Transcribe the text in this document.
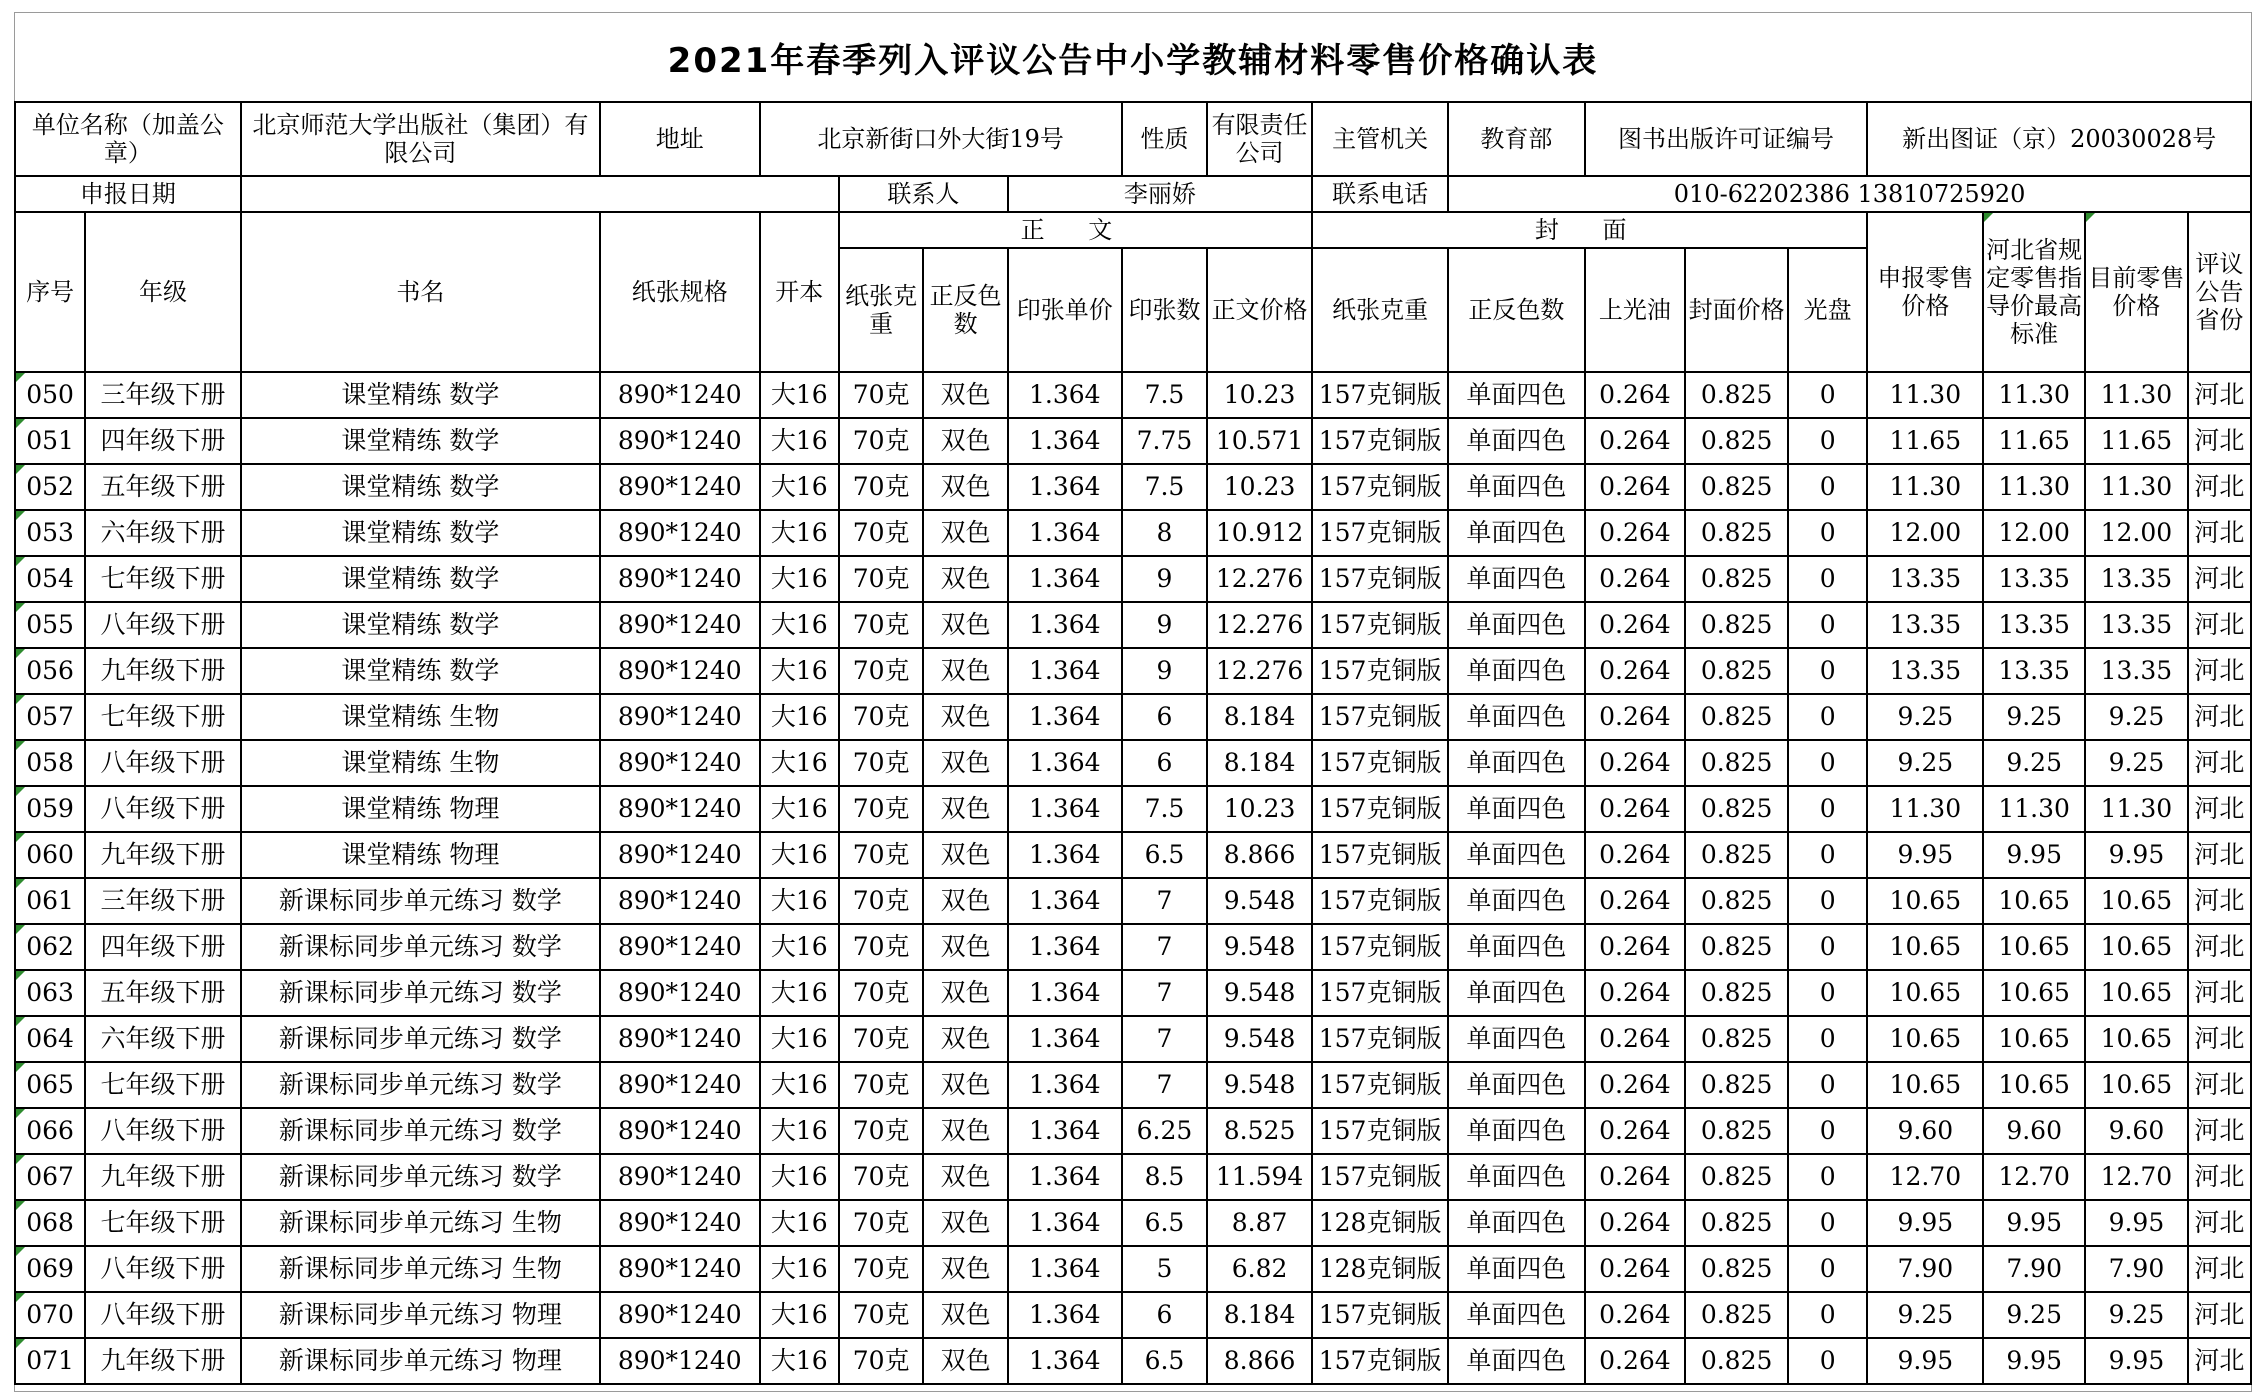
2021年春季列入评议公告中小学教辅材料零售价格确认表
单位名称（加盖公章）		北京师范大学出版社（集团）有限公司	地址	北京新街口外大街19号				性质	有限责任公司	主管机关	教育部	图书出版许可证编号			新出图证（京）20030028号			
申报日期					联系人		李丽娇			联系电话	010-62202386 13810725920							
序号	年级	书名	纸张规格	开本	正 文					封 面					申报零售价格	河北省规定零售指导价最高标准	目前零售价格	评议公告省份
					纸张克重	正反色数	印张单价	印张数	正文价格	纸张克重	正反色数	上光油	封面价格	光盘				
050	三年级下册	课堂精练 数学	890*1240	大16	70克	双色	1.364	7.5	10.23	157克铜版	单面四色	0.264	0.825	0	11.30	11.30	11.30	河北
051	四年级下册	课堂精练 数学	890*1240	大16	70克	双色	1.364	7.75	10.571	157克铜版	单面四色	0.264	0.825	0	11.65	11.65	11.65	河北
052	五年级下册	课堂精练 数学	890*1240	大16	70克	双色	1.364	7.5	10.23	157克铜版	单面四色	0.264	0.825	0	11.30	11.30	11.30	河北
053	六年级下册	课堂精练 数学	890*1240	大16	70克	双色	1.364	8	10.912	157克铜版	单面四色	0.264	0.825	0	12.00	12.00	12.00	河北
054	七年级下册	课堂精练 数学	890*1240	大16	70克	双色	1.364	9	12.276	157克铜版	单面四色	0.264	0.825	0	13.35	13.35	13.35	河北
055	八年级下册	课堂精练 数学	890*1240	大16	70克	双色	1.364	9	12.276	157克铜版	单面四色	0.264	0.825	0	13.35	13.35	13.35	河北
056	九年级下册	课堂精练 数学	890*1240	大16	70克	双色	1.364	9	12.276	157克铜版	单面四色	0.264	0.825	0	13.35	13.35	13.35	河北
057	七年级下册	课堂精练 生物	890*1240	大16	70克	双色	1.364	6	8.184	157克铜版	单面四色	0.264	0.825	0	9.25	9.25	9.25	河北
058	八年级下册	课堂精练 生物	890*1240	大16	70克	双色	1.364	6	8.184	157克铜版	单面四色	0.264	0.825	0	9.25	9.25	9.25	河北
059	八年级下册	课堂精练 物理	890*1240	大16	70克	双色	1.364	7.5	10.23	157克铜版	单面四色	0.264	0.825	0	11.30	11.30	11.30	河北
060	九年级下册	课堂精练 物理	890*1240	大16	70克	双色	1.364	6.5	8.866	157克铜版	单面四色	0.264	0.825	0	9.95	9.95	9.95	河北
061	三年级下册	新课标同步单元练习 数学	890*1240	大16	70克	双色	1.364	7	9.548	157克铜版	单面四色	0.264	0.825	0	10.65	10.65	10.65	河北
062	四年级下册	新课标同步单元练习 数学	890*1240	大16	70克	双色	1.364	7	9.548	157克铜版	单面四色	0.264	0.825	0	10.65	10.65	10.65	河北
063	五年级下册	新课标同步单元练习 数学	890*1240	大16	70克	双色	1.364	7	9.548	157克铜版	单面四色	0.264	0.825	0	10.65	10.65	10.65	河北
064	六年级下册	新课标同步单元练习 数学	890*1240	大16	70克	双色	1.364	7	9.548	157克铜版	单面四色	0.264	0.825	0	10.65	10.65	10.65	河北
065	七年级下册	新课标同步单元练习 数学	890*1240	大16	70克	双色	1.364	7	9.548	157克铜版	单面四色	0.264	0.825	0	10.65	10.65	10.65	河北
066	八年级下册	新课标同步单元练习 数学	890*1240	大16	70克	双色	1.364	6.25	8.525	157克铜版	单面四色	0.264	0.825	0	9.60	9.60	9.60	河北
067	九年级下册	新课标同步单元练习 数学	890*1240	大16	70克	双色	1.364	8.5	11.594	157克铜版	单面四色	0.264	0.825	0	12.70	12.70	12.70	河北
068	七年级下册	新课标同步单元练习 生物	890*1240	大16	70克	双色	1.364	6.5	8.87	128克铜版	单面四色	0.264	0.825	0	9.95	9.95	9.95	河北
069	八年级下册	新课标同步单元练习 生物	890*1240	大16	70克	双色	1.364	5	6.82	128克铜版	单面四色	0.264	0.825	0	7.90	7.90	7.90	河北
070	八年级下册	新课标同步单元练习 物理	890*1240	大16	70克	双色	1.364	6	8.184	157克铜版	单面四色	0.264	0.825	0	9.25	9.25	9.25	河北
071	九年级下册	新课标同步单元练习 物理	890*1240	大16	70克	双色	1.364	6.5	8.866	157克铜版	单面四色	0.264	0.825	0	9.95	9.95	9.95	河北
